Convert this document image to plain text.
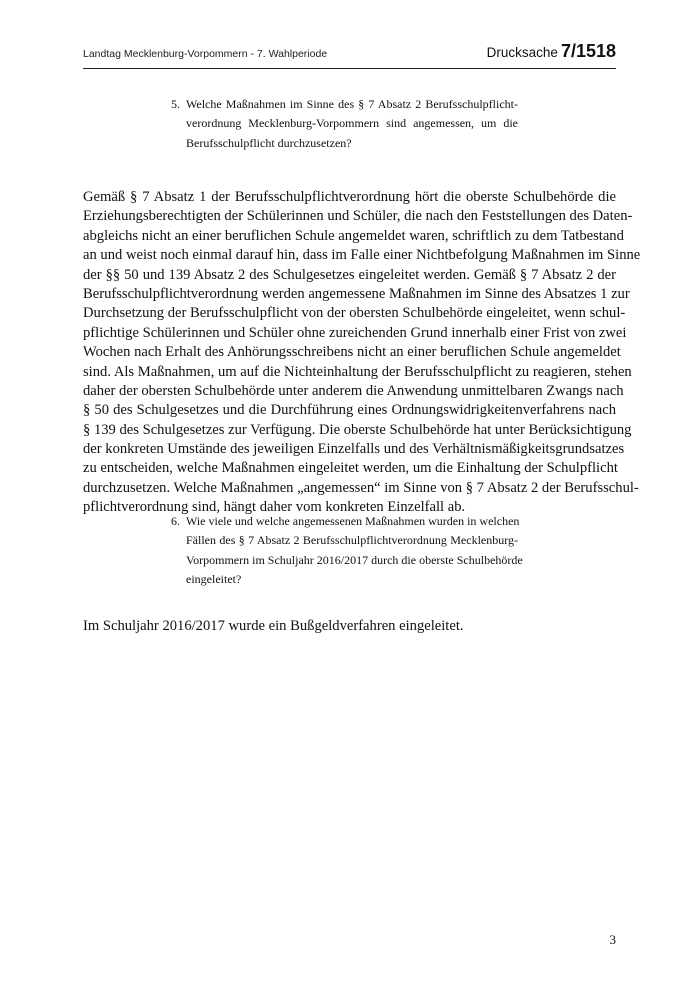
Landtag Mecklenburg-Vorpommern - 7. Wahlperiode	Drucksache 7/1518
5. Welche Maßnahmen im Sinne des § 7 Absatz 2 Berufsschulpflicht-
verordnung Mecklenburg-Vorpommern sind angemessen, um die
Berufsschulpflicht durchzusetzen?
Gemäß § 7 Absatz 1 der Berufsschulpflichtverordnung hört die oberste Schulbehörde die
Erziehungsberechtigten der Schülerinnen und Schüler, die nach den Feststellungen des Daten-
abgleichs nicht an einer beruflichen Schule angemeldet waren, schriftlich zu dem Tatbestand
an und weist noch einmal darauf hin, dass im Falle einer Nichtbefolgung Maßnahmen im Sinne
der §§ 50 und 139 Absatz 2 des Schulgesetzes eingeleitet werden. Gemäß § 7 Absatz 2 der
Berufsschulpflichtverordnung werden angemessene Maßnahmen im Sinne des Absatzes 1 zur
Durchsetzung der Berufsschulpflicht von der obersten Schulbehörde eingeleitet, wenn schul-
pflichtige Schülerinnen und Schüler ohne zureichenden Grund innerhalb einer Frist von zwei
Wochen nach Erhalt des Anhörungsschreibens nicht an einer beruflichen Schule angemeldet
sind. Als Maßnahmen, um auf die Nichteinhaltung der Berufsschulpflicht zu reagieren, stehen
daher der obersten Schulbehörde unter anderem die Anwendung unmittelbaren Zwangs nach
§ 50 des Schulgesetzes und die Durchführung eines Ordnungswidrigkeitenverfahrens nach
§ 139 des Schulgesetzes zur Verfügung. Die oberste Schulbehörde hat unter Berücksichtigung
der konkreten Umstände des jeweiligen Einzelfalls und des Verhältnismäßigkeitsgrundsatzes
zu entscheiden, welche Maßnahmen eingeleitet werden, um die Einhaltung der Schulpflicht
durchzusetzen. Welche Maßnahmen „angemessen“ im Sinne von § 7 Absatz 2 der Berufsschul-
pflichtverordnung sind, hängt daher vom konkreten Einzelfall ab.
6. Wie viele und welche angemessenen Maßnahmen wurden in welchen
Fällen des § 7 Absatz 2 Berufsschulpflichtverordnung Mecklenburg-
Vorpommern im Schuljahr 2016/2017 durch die oberste Schulbehörde
eingeleitet?
Im Schuljahr 2016/2017 wurde ein Bußgeldverfahren eingeleitet.
3
